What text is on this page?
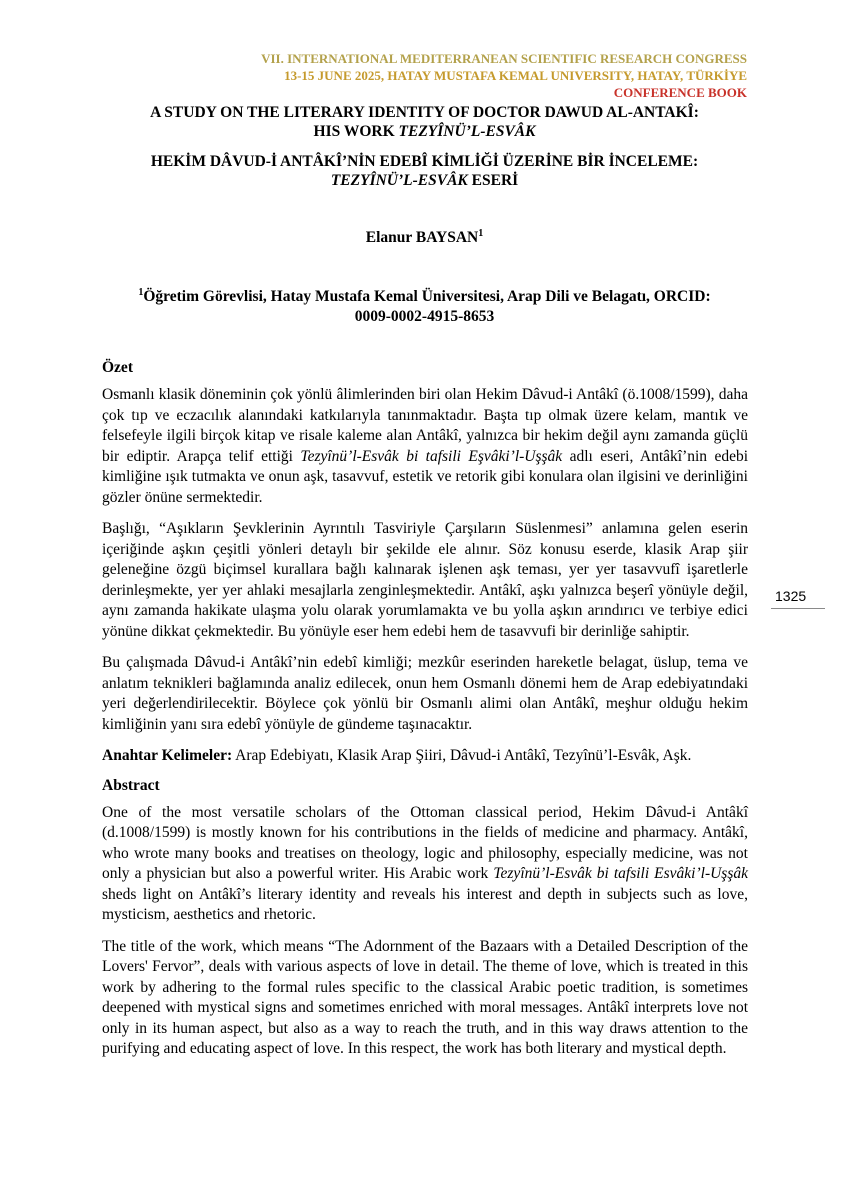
VII. INTERNATIONAL MEDITERRANEAN SCIENTIFIC RESEARCH CONGRESS
13-15 JUNE 2025, HATAY MUSTAFA KEMAL UNIVERSITY, HATAY, TÜRKİYE
CONFERENCE BOOK
A STUDY ON THE LITERARY IDENTITY OF DOCTOR DAWUD AL-ANTAKÎ:
HIS WORK TEZYÎNÜ’L-ESVÂK
HEKİM DÂVUD-İ ANTÂKÎ’NİN EDEBÎ KİMLİĞİ ÜZERİNE BİR İNCELEME:
TEZYÎNÜ’L-ESVÂK ESERİ
Elanur BAYSAN$^1$
$^1$Öğretim Görevlisi, Hatay Mustafa Kemal Üniversitesi, Arap Dili ve Belagatı, ORCID:
0009-0002-4915-8653
Özet

Osmanlı klasik döneminin çok yönlü âlimlerinden biri olan Hekim Dâvud-i Antâkî (ö.1008/1599), daha çok tıp ve eczacılık alanındaki katkılarıyla tanınmaktadır. Başta tıp olmak üzere kelam, mantık ve felsefeyle ilgili birçok kitap ve risale kaleme alan Antâkî, yalnızca bir hekim değil aynı zamanda güçlü bir ediptir. Arapça telif ettiği Tezyînü’l-Esvâk bi tafsili Eşvâki’l-Uşşâk adlı eseri, Antâkî’nin edebi kimliğine ışık tutmakta ve onun aşk, tasavvuf, estetik ve retorik gibi konulara olan ilgisini ve derinliğini gözler önüne sermektedir.

Başlığı, “Aşıkların Şevklerinin Ayrıntılı Tasviriyle Çarşıların Süslenmesi” anlamına gelen eserin içeriğinde aşkın çeşitli yönleri detaylı bir şekilde ele alınır. Söz konusu eserde, klasik Arap şiir geleneğine özgü biçimsel kurallara bağlı kalınarak işlenen aşk teması, yer yer tasavvufî işaretlerle derinleşmekte, yer yer ahlaki mesajlarla zenginleşmektedir. Antâkî, aşkı yalnızca beşerî yönüyle değil, aynı zamanda hakikate ulaşma yolu olarak yorumlamakta ve bu yolla aşkın arındırıcı ve terbiye edici yönüne dikkat çekmektedir. Bu yönüyle eser hem edebi hem de tasavvufi bir derinliğe sahiptir.

Bu çalışmada Dâvud-i Antâkî’nin edebî kimliği; mezkûr eserinden hareketle belagat, üslup, tema ve anlatım teknikleri bağlamında analiz edilecek, onun hem Osmanlı dönemi hem de Arap edebiyatındaki yeri değerlendirilecektir. Böylece çok yönlü bir Osmanlı alimi olan Antâkî, meşhur olduğu hekim kimliğinin yanı sıra edebî yönüyle de gündeme taşınacaktır.

Anahtar Kelimeler: Arap Edebiyatı, Klasik Arap Şiiri, Dâvud-i Antâkî, Tezyînü’l-Esvâk, Aşk.

Abstract

One of the most versatile scholars of the Ottoman classical period, Hekim Dâvud-i Antâkî (d.1008/1599) is mostly known for his contributions in the fields of medicine and pharmacy. Antâkî, who wrote many books and treatises on theology, logic and philosophy, especially medicine, was not only a physician but also a powerful writer. His Arabic work Tezyînü’l-Esvâk bi tafsili Esvâki’l-Uşşâk sheds light on Antâkî’s literary identity and reveals his interest and depth in subjects such as love, mysticism, aesthetics and rhetoric.

The title of the work, which means “The Adornment of the Bazaars with a Detailed Description of the Lovers' Fervor”, deals with various aspects of love in detail. The theme of love, which is treated in this work by adhering to the formal rules specific to the classical Arabic poetic tradition, is sometimes deepened with mystical signs and sometimes enriched with moral messages. Antâkî interprets love not only in its human aspect, but also as a way to reach the truth, and in this way draws attention to the purifying and educating aspect of love. In this respect, the work has both literary and mystical depth.

1325
